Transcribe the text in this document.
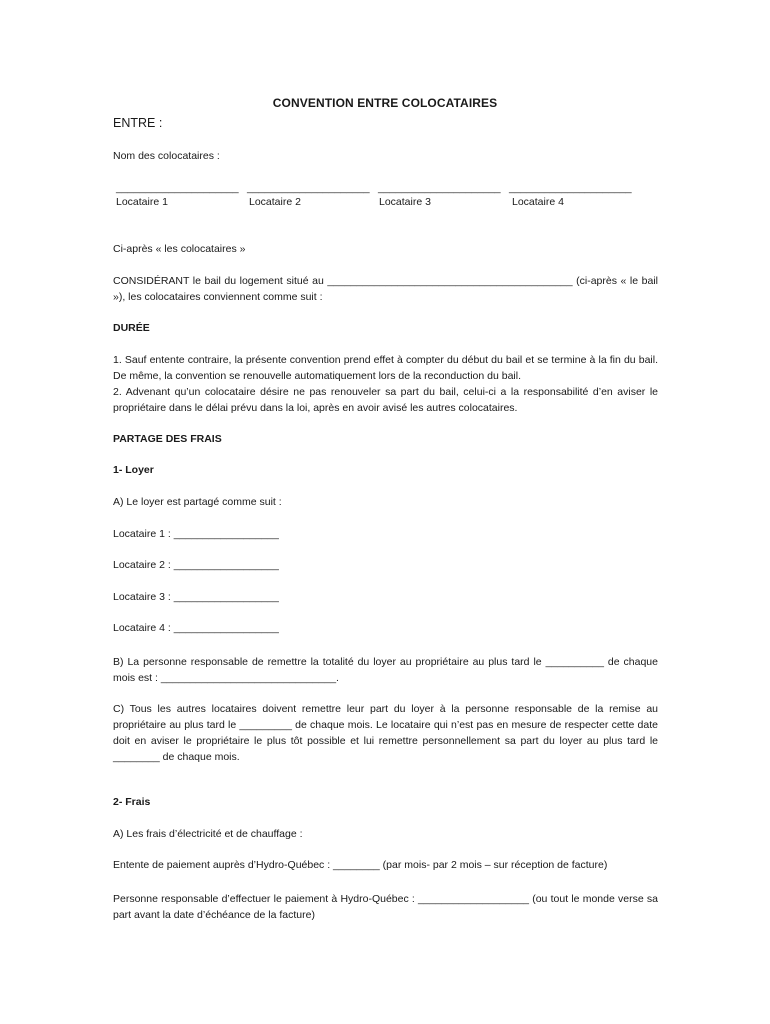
CONVENTION ENTRE COLOCATAIRES
ENTRE :
Nom des colocataires :
_____________________ _____________________ _____________________ _____________________
Locataire 1	Locataire 2	Locataire 3	Locataire 4
Ci-après « les colocataires »
CONSIDÉRANT le bail du logement situé au __________________________________________ (ci-après « le bail »), les colocataires conviennent comme suit :
DURÉE
1. Sauf entente contraire, la présente convention prend effet à compter du début du bail et se termine à la fin du bail. De même, la convention se renouvelle automatiquement lors de la reconduction du bail.
2. Advenant qu’un colocataire désire ne pas renouveler sa part du bail, celui-ci a la responsabilité d’en aviser le propriétaire dans le délai prévu dans la loi, après en avoir avisé les autres colocataires.
PARTAGE DES FRAIS
1- Loyer
A) Le loyer est partagé comme suit :
Locataire 1 : __________________
Locataire 2 : __________________
Locataire 3 : __________________
Locataire 4 : __________________
B) La personne responsable de remettre la totalité du loyer au propriétaire au plus tard le __________ de chaque mois est : ______________________________.
C) Tous les autres locataires doivent remettre leur part du loyer à la personne responsable de la remise au propriétaire au plus tard le _________ de chaque mois. Le locataire qui n’est pas en mesure de respecter cette date doit en aviser le propriétaire le plus tôt possible et lui remettre personnellement sa part du loyer au plus tard le ________ de chaque mois.
2- Frais
A) Les frais d’électricité et de chauffage :
Entente de paiement auprès d’Hydro-Québec : ________ (par mois- par 2 mois – sur réception de facture)
Personne responsable d’effectuer le paiement à Hydro-Québec : ___________________ (ou tout le monde verse sa part avant la date d’échéance de la facture)
